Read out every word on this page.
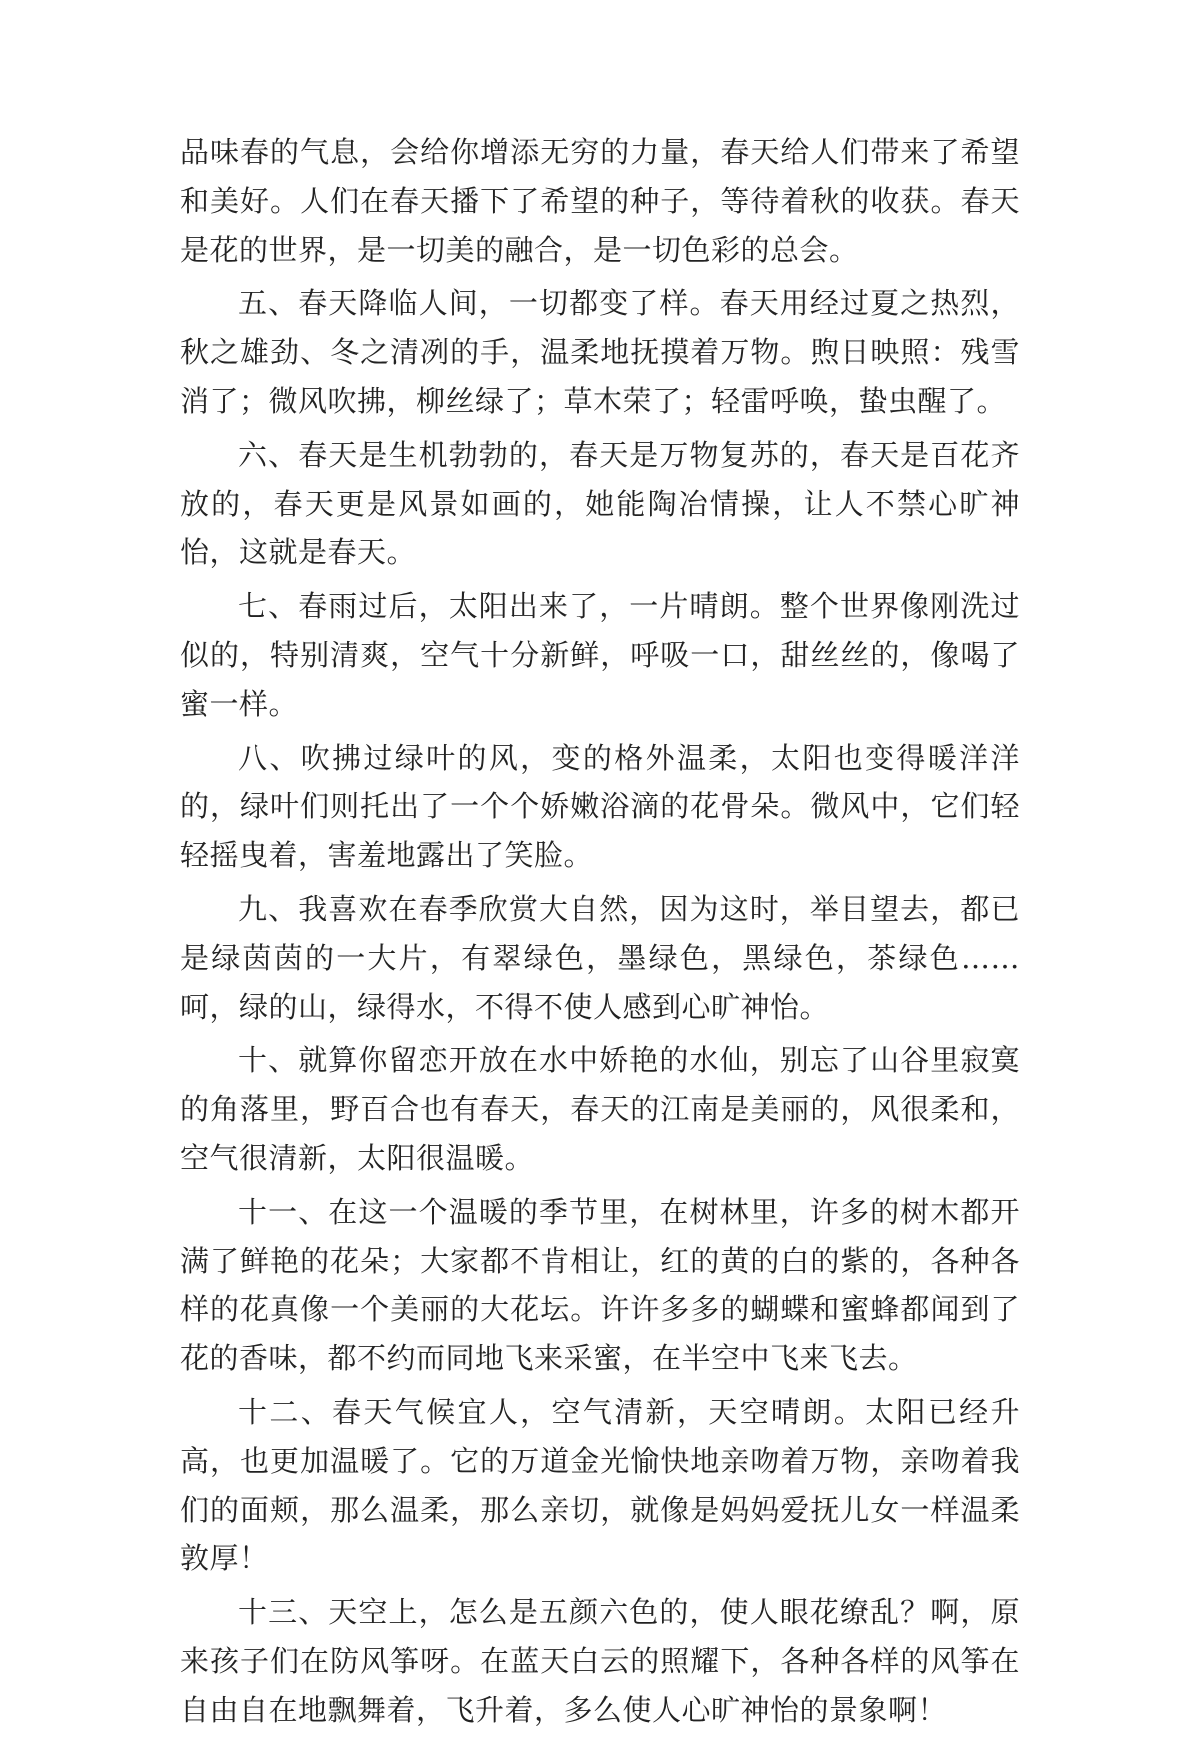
品味春的气息，会给你增添无穷的力量，春天给人们带来了希望和美好。人们在春天播下了希望的种子，等待着秋的收获。春天是花的世界，是一切美的融合，是一切色彩的总会。

五、春天降临人间，一切都变了样。春天用经过夏之热烈，秋之雄劲、冬之清冽的手，温柔地抚摸着万物。煦日映照：残雪消了；微风吹拂，柳丝绿了；草木荣了；轻雷呼唤，蛰虫醒了。

六、春天是生机勃勃的，春天是万物复苏的，春天是百花齐放的，春天更是风景如画的，她能陶冶情操，让人不禁心旷神怡，这就是春天。

七、春雨过后，太阳出来了，一片晴朗。整个世界像刚洗过似的，特别清爽，空气十分新鲜，呼吸一口，甜丝丝的，像喝了蜜一样。

八、吹拂过绿叶的风，变的格外温柔，太阳也变得暖洋洋的，绿叶们则托出了一个个娇嫩浴滴的花骨朵。微风中，它们轻轻摇曳着，害羞地露出了笑脸。

九、我喜欢在春季欣赏大自然，因为这时，举目望去，都已是绿茵茵的一大片，有翠绿色，墨绿色，黑绿色，茶绿色……呵，绿的山，绿得水，不得不使人感到心旷神怡。

十、就算你留恋开放在水中娇艳的水仙，别忘了山谷里寂寞的角落里，野百合也有春天，春天的江南是美丽的，风很柔和，空气很清新，太阳很温暖。

十一、在这一个温暖的季节里，在树林里，许多的树木都开满了鲜艳的花朵；大家都不肯相让，红的黄的白的紫的，各种各样的花真像一个美丽的大花坛。许许多多的蝴蝶和蜜蜂都闻到了花的香味，都不约而同地飞来采蜜，在半空中飞来飞去。

十二、春天气候宜人，空气清新，天空晴朗。太阳已经升高，也更加温暖了。它的万道金光愉快地亲吻着万物，亲吻着我们的面颊，那么温柔，那么亲切，就像是妈妈爱抚儿女一样温柔敦厚！

十三、天空上，怎么是五颜六色的，使人眼花缭乱？啊，原来孩子们在防风筝呀。在蓝天白云的照耀下，各种各样的风筝在自由自在地飘舞着，飞升着，多么使人心旷神怡的景象啊！
